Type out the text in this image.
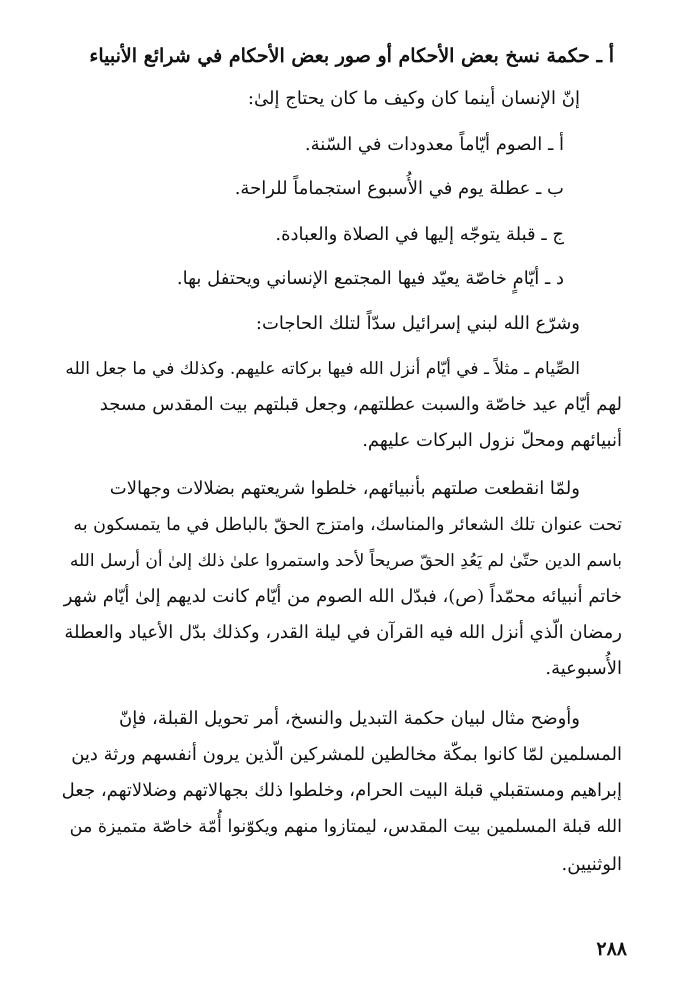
أ ـ حكمة نسخ بعض الأحكام أو صور بعض الأحكام في شرائع الأنبياء
إنّ الإنسان أينما كان وكيف ما كان يحتاج إلىٰ:
أ ـ الصوم أيّاماً معدودات في السّنة.
ب ـ عطلة يوم في الأُسبوع استجماماً للراحة.
ج ـ قبلة يتوجّه إليها في الصلاة والعبادة.
د ـ أيّامٍ خاصّة يعيّد فيها المجتمع الإنساني ويحتفل بها.
وشرّع الله لبني إسرائيل سدّاً لتلك الحاجات:
الصِّيام ـ مثلاً ـ في أيّام أنزل الله فيها بركاته عليهم. وكذلك في ما جعل الله
لهم أيّام عيد خاصّة والسبت عطلتهم، وجعل قبلتهم بيت المقدس مسجد
أنبيائهم ومحلّ نزول البركات عليهم.
ولمّا انقطعت صلتهم بأنبيائهم، خلطوا شريعتهم بضلالات وجهالات
تحت عنوان تلك الشعائر والمناسك، وامتزج الحقّ بالباطل في ما يتمسكون به
باسم الدين حتّىٰ لم يَعُدِ الحقّ صريحاً لأحد واستمروا علىٰ ذلك إلىٰ أن أرسل الله
خاتم أنبيائه محمّداً (ص)، فبدّل الله الصوم من أيّام كانت لديهم إلىٰ أيّام شهر
رمضان الّذي أنزل الله فيه القرآن في ليلة القدر، وكذلك بدّل الأعياد والعطلة
الأُسبوعية.
وأوضح مثال لبيان حكمة التبديل والنسخ، أمر تحويل القبلة، فإنّ
المسلمين لمّا كانوا بمكّة مخالطين للمشركين الّذين يرون أنفسهم ورثة دين
إبراهيم ومستقبلي قبلة البيت الحرام، وخلطوا ذلك بجهالاتهم وضلالاتهم، جعل
الله قبلة المسلمين بيت المقدس، ليمتازوا منهم ويكوّنوا أُمّة خاصّة متميزة من
الوثنيين.
٢٨٨
